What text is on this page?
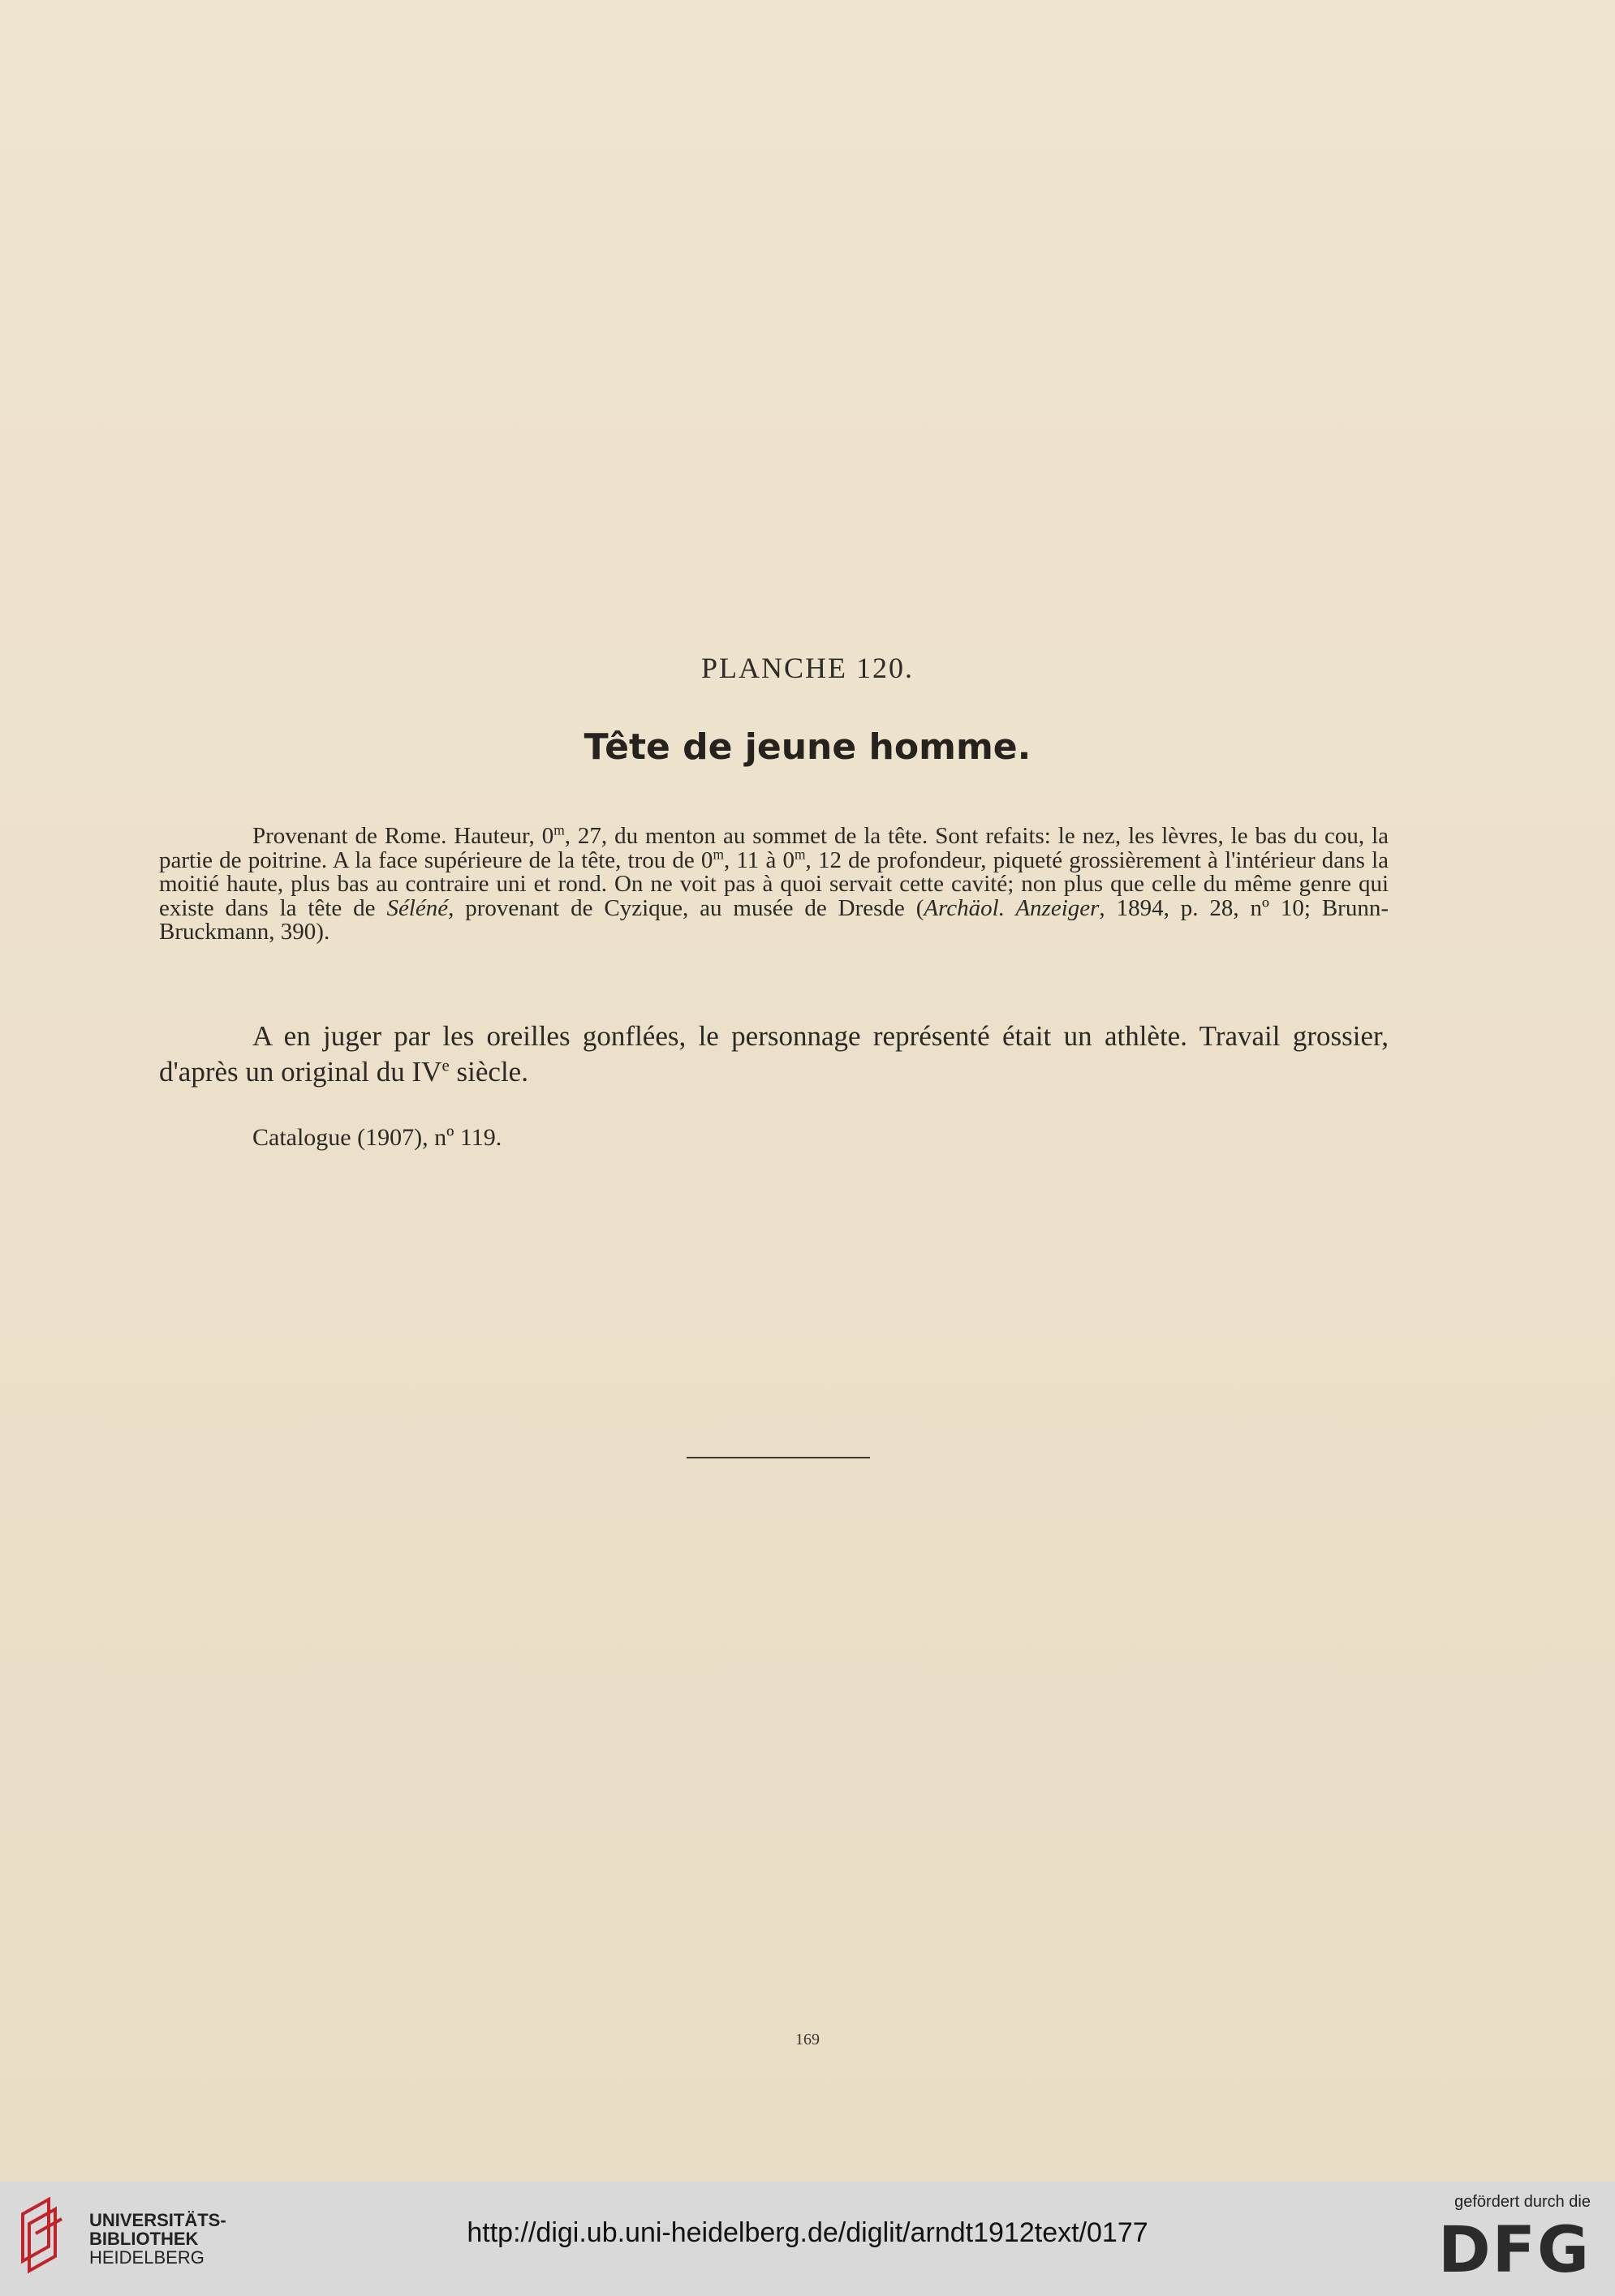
PLANCHE 120.
Tête de jeune homme.
Provenant de Rome. Hauteur, 0$^m$, 27, du menton au sommet de la tête. Sont refaits: le nez, les lèvres, le bas du cou, la partie de poitrine. A la face supérieure de la tête, trou de 0$^m$, 11 à 0$^m$, 12 de profondeur, piqueté grossièrement à l'intérieur dans la moitié haute, plus bas au contraire uni et rond. On ne voit pas à quoi servait cette cavité; non plus que celle du même genre qui existe dans la tête de Séléné, provenant de Cyzique, au musée de Dresde (Archäol. Anzeiger, 1894, p. 28, nº 10; Brunn-Bruckmann, 390).
A en juger par les oreilles gonflées, le personnage représenté était un athlète. Travail grossier, d'après un original du IVe siècle.
Catalogue (1907), nº 119.
169
UNIVERSITÄTS-
BIBLIOTHEK
HEIDELBERG
http://digi.ub.uni-heidelberg.de/diglit/arndt1912text/0177
gefördert durch die
DFG
